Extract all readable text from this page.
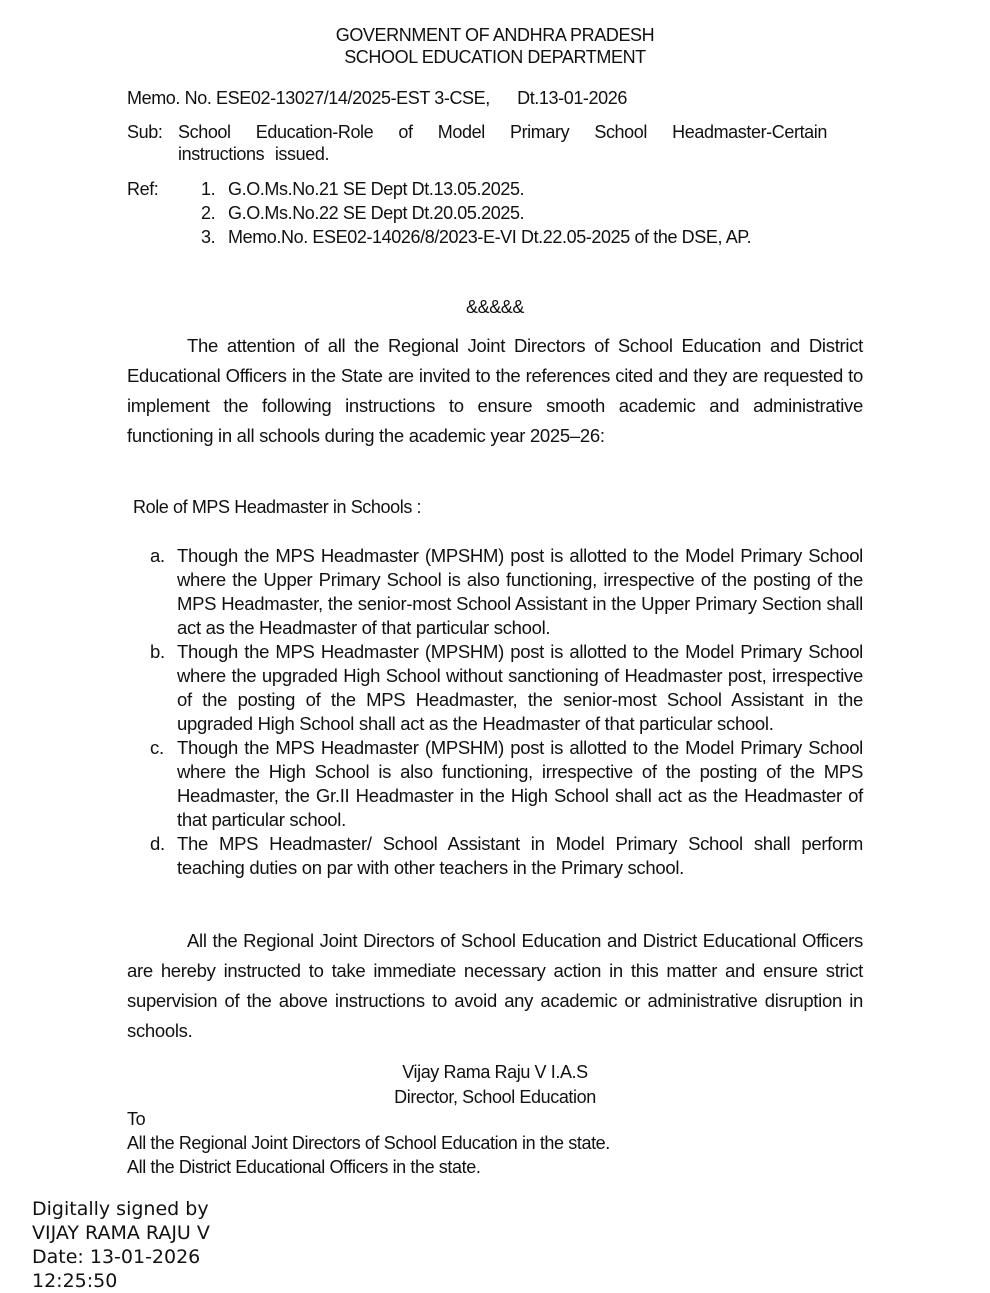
GOVERNMENT OF ANDHRA PRADESH
SCHOOL EDUCATION DEPARTMENT
Memo. No. ESE02-13027/14/2025-EST 3-CSE, Dt.13-01-2026
Sub: School Education-Role of Model Primary School Headmaster-Certain instructions issued.
Ref:	1. G.O.Ms.No.21 SE Dept Dt.13.05.2025.
2. G.O.Ms.No.22 SE Dept Dt.20.05.2025.
3. Memo.No. ESE02-14026/8/2023-E-VI Dt.22.05-2025 of the DSE, AP.
&&&&&
The attention of all the Regional Joint Directors of School Education and District Educational Officers in the State are invited to the references cited and they are requested to implement the following instructions to ensure smooth academic and administrative functioning in all schools during the academic year 2025–26:
Role of MPS Headmaster in Schools :
a. Though the MPS Headmaster (MPSHM) post is allotted to the Model Primary School where the Upper Primary School is also functioning, irrespective of the posting of the MPS Headmaster, the senior-most School Assistant in the Upper Primary Section shall act as the Headmaster of that particular school.
b. Though the MPS Headmaster (MPSHM) post is allotted to the Model Primary School where the upgraded High School without sanctioning of Headmaster post, irrespective of the posting of the MPS Headmaster, the senior-most School Assistant in the upgraded High School shall act as the Headmaster of that particular school.
c. Though the MPS Headmaster (MPSHM) post is allotted to the Model Primary School where the High School is also functioning, irrespective of the posting of the MPS Headmaster, the Gr.II Headmaster in the High School shall act as the Headmaster of that particular school.
d. The MPS Headmaster/ School Assistant in Model Primary School shall perform teaching duties on par with other teachers in the Primary school.
All the Regional Joint Directors of School Education and District Educational Officers are hereby instructed to take immediate necessary action in this matter and ensure strict supervision of the above instructions to avoid any academic or administrative disruption in schools.
Vijay Rama Raju V I.A.S
Director, School Education
To
All the Regional Joint Directors of School Education in the state.
All the District Educational Officers in the state.
Digitally signed by
VIJAY RAMA RAJU V
Date: 13-01-2026
12:25:50
